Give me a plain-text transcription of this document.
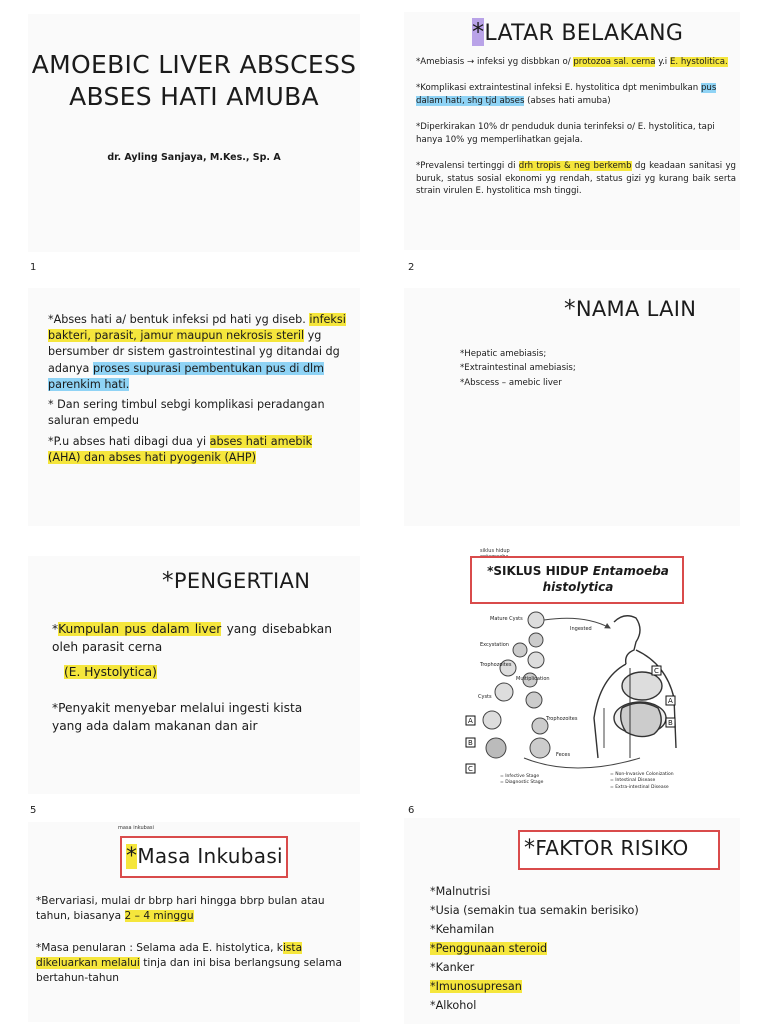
AMOEBIC LIVER ABSCESS
ABSES HATI AMUBA
dr. Ayling Sanjaya, M.Kes., Sp. A
1
*LATAR BELAKANG

*Amebiasis → infeksi yg disbbkan o/ protozoa sal. cerna y.i E. hystolitica.

*Komplikasi extraintestinal infeksi E. hystolitica dpt menimbulkan pus dalam hati, shg tjd abses (abses hati amuba)

*Diperkirakan 10% dr penduduk dunia terinfeksi o/ E. hystolitica, tapi hanya 10% yg memperlihatkan gejala.

*Prevalensi tertinggi di drh tropis & neg berkemb dg keadaan sanitasi yg buruk, status sosial ekonomi yg rendah, status gizi yg kurang baik serta strain virulen E. hystolitica msh tinggi.

2

*Abses hati a/ bentuk infeksi pd hati yg diseb. infeksi bakteri, parasit, jamur maupun nekrosis steril yg bersumber dr sistem gastrointestinal yg ditandai dg adanya proses supurasi pembentukan pus di dlm parenkim hati.

* Dan sering timbul sebgi komplikasi peradangan saluran empedu

*P.u abses hati dibagi dua yi abses hati amebik (AHA) dan abses hati pyogenik (AHP)

*NAMA LAIN

*Hepatic amebiasis;

*Extraintestinal amebiasis;

*Abscess – amebic liver

*PENGERTIAN

*Kumpulan pus dalam liver yang disebabkan oleh parasit cerna

(E. Hystolytica)

*Penyakit menyebar melalui ingesti kista yang ada dalam makanan dan air

5
siklus hidup
*SIKLUS HIDUP Entamoeba histolytica
C
A
B
A
B
C
Mature Cysts
Ingested
Excystation
Trophozoites
Multiplication
Cysts
Trophozoites
Feces
= Infective Stage
= Diagnostic Stage
= Non-Invasive Colonization
= Intestinal Disease
= Extra-intestinal Disease
6
masa inkubasi
*Masa Inkubasi

*Bervariasi, mulai dr bbrp hari hingga bbrp bulan atau tahun, biasanya 2 – 4 minggu

*Masa penularan : Selama ada E. histolytica, kista dikeluarkan melalui tinja dan ini bisa berlangsung selama bertahun-tahun

*FAKTOR RISIKO

*Malnutrisi

*Usia (semakin tua semakin berisiko)

*Kehamilan

*Penggunaan steroid

*Kanker

*Imunosupresan

*Alkohol
